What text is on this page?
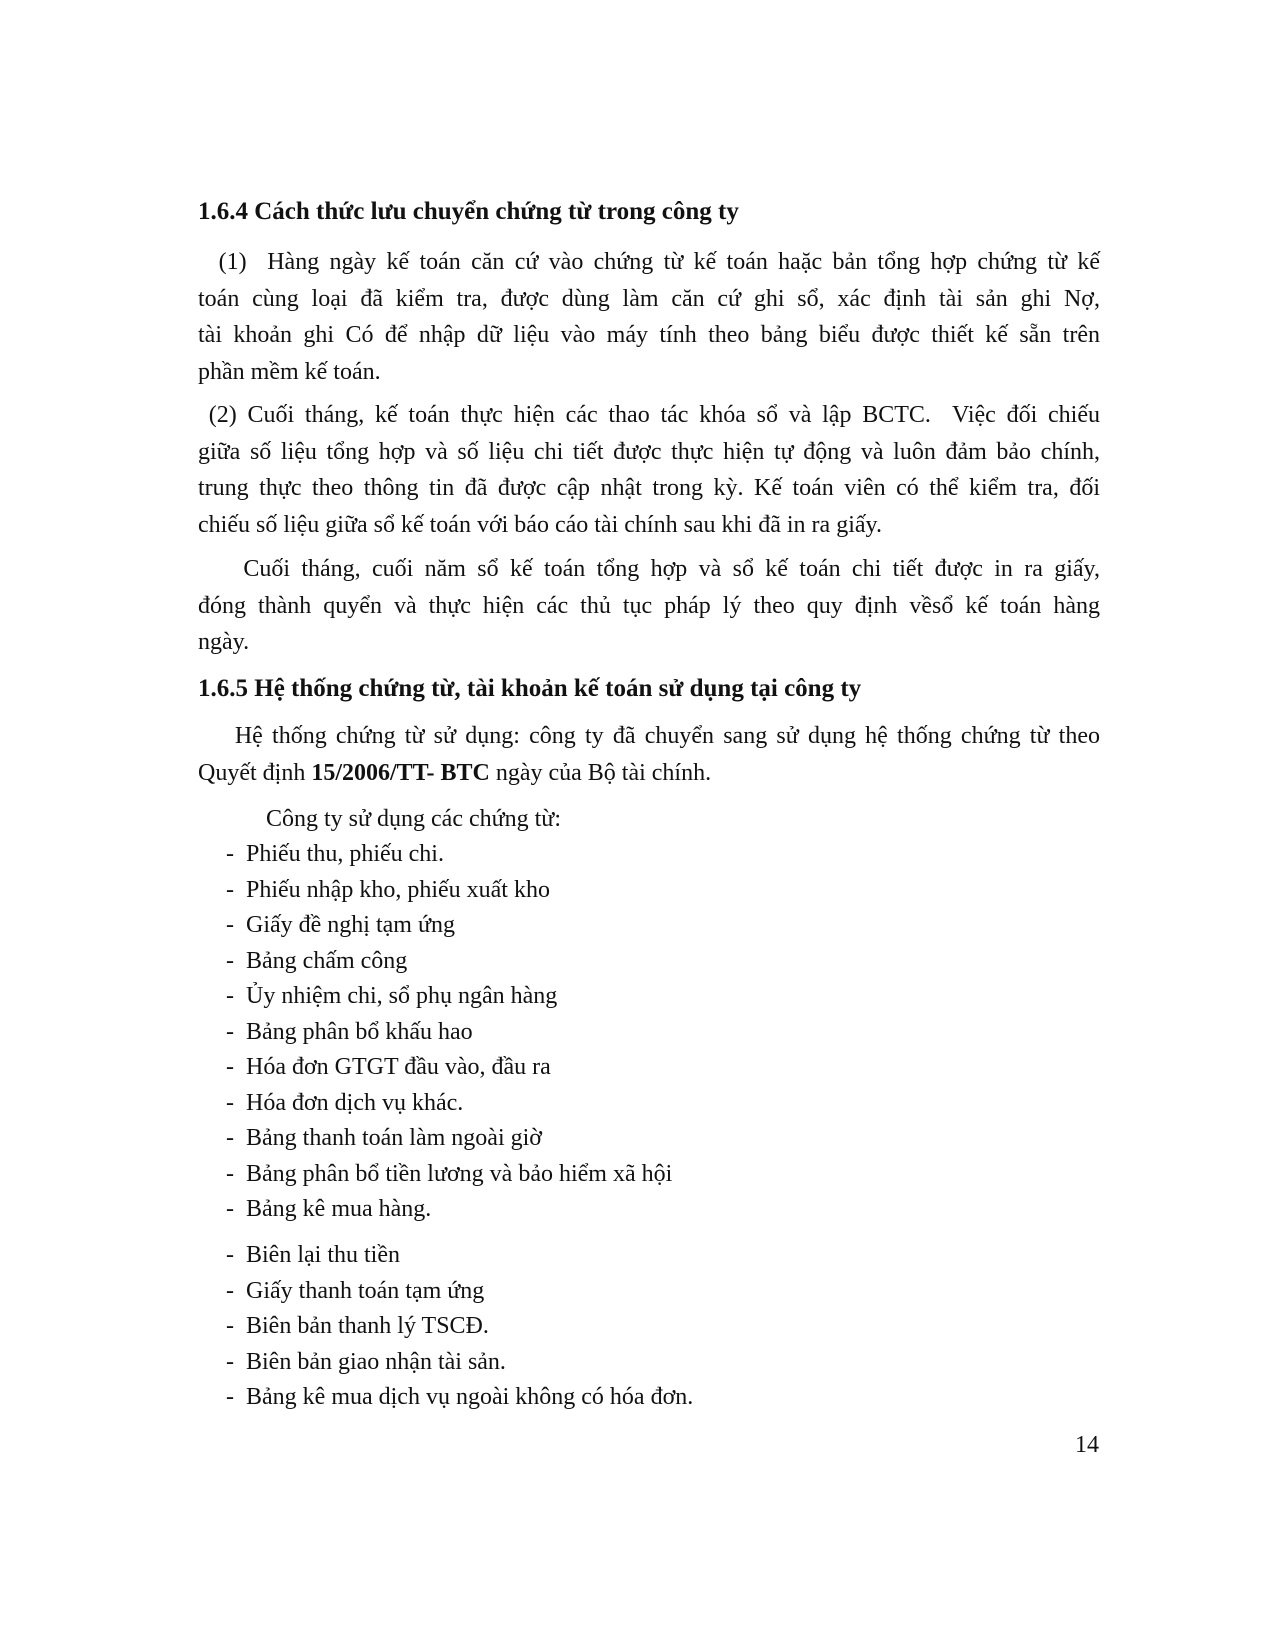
1.6.4 Cách thức lưu chuyển chứng từ trong công ty
(1)  Hàng ngày kế toán căn cứ vào chứng từ kế toán haặc bản tổng hợp chứng từ kế
toán cùng loại đã kiểm tra, được dùng làm căn cứ ghi sổ, xác định tài sản ghi Nợ,
tài khoản ghi Có để nhập dữ liệu vào máy tính theo bảng biểu được thiết kế sẵn trên
phần mềm kế toán.
(2) Cuối tháng, kế toán thực hiện các thao tác khóa sổ và lập BCTC.  Việc đối chiếu
giữa số liệu tổng hợp và số liệu chi tiết được thực hiện tự động và luôn đảm bảo chính,
trung thực theo thông tin đã được cập nhật trong kỳ. Kế toán viên có thể kiểm tra, đối
chiếu số liệu giữa sổ kế toán với báo cáo tài chính sau khi đã in ra giấy.
Cuối tháng, cuối năm sổ kế toán tổng hợp và sổ kế toán chi tiết được in ra giấy,
đóng thành quyển và thực hiện các thủ tục pháp lý theo quy định vềsổ kế toán hàng
ngày.
1.6.5 Hệ thống chứng từ, tài khoản kế toán sử dụng tại công ty
Hệ thống chứng từ sử dụng: công ty đã chuyển sang sử dụng hệ thống chứng từ theo
Quyết định 15/2006/TT- BTC ngày của Bộ tài chính.

Công ty sử dụng các chứng từ:

- Phiếu thu, phiếu chi.
- Phiếu nhập kho, phiếu xuất kho
- Giấy đề nghị tạm ứng
- Bảng chấm công
- Ủy nhiệm chi, sổ phụ ngân hàng
- Bảng phân bổ khấu hao
- Hóa đơn GTGT đầu vào, đầu ra
- Hóa đơn dịch vụ khác.
- Bảng thanh toán làm ngoài giờ
- Bảng phân bổ tiền lương và bảo hiểm xã hội
- Bảng kê mua hàng.
- Biên lại thu tiền
- Giấy thanh toán tạm ứng
- Biên bản thanh lý TSCĐ.
- Biên bản giao nhận tài sản.
- Bảng kê mua dịch vụ ngoài không có hóa đơn.

14
